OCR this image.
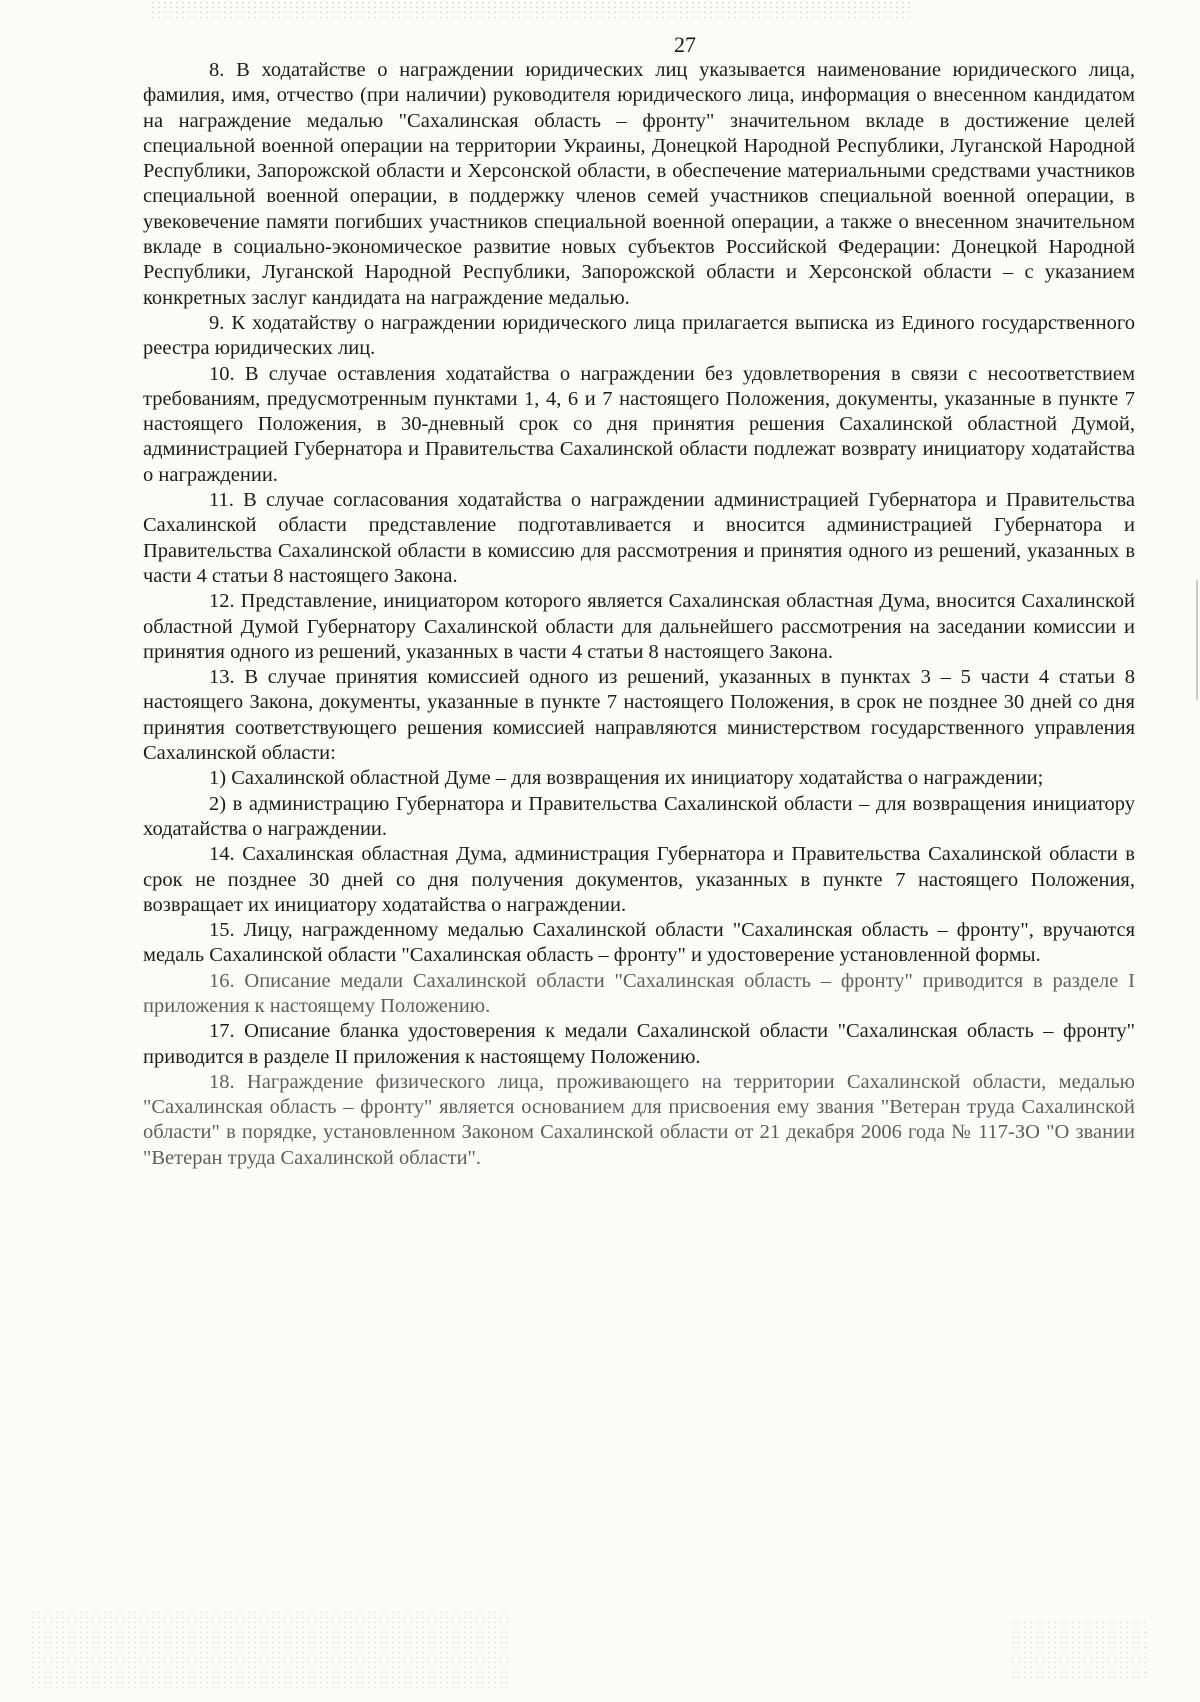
27

8. В ходатайстве о награждении юридических лиц указывается наименование юридического лица, фамилия, имя, отчество (при наличии) руководителя юридического лица, информация о внесенном кандидатом на награждение медалью "Сахалинская область – фронту" значительном вкладе в достижение целей специальной военной операции на территории Украины, Донецкой Народной Республики, Луганской Народной Республики, Запорожской области и Херсонской области, в обеспечение материальными средствами участников специальной военной операции, в поддержку членов семей участников специальной военной операции, в увековечение памяти погибших участников специальной военной операции, а также о внесенном значительном вкладе в социально-экономическое развитие новых субъектов Российской Федерации: Донецкой Народной Республики, Луганской Народной Республики, Запорожской области и Херсонской области – с указанием конкретных заслуг кандидата на награждение медалью.

9. К ходатайству о награждении юридического лица прилагается выписка из Единого государственного реестра юридических лиц.

10. В случае оставления ходатайства о награждении без удовлетворения в связи с несоответствием требованиям, предусмотренным пунктами 1, 4, 6 и 7 настоящего Положения, документы, указанные в пункте 7 настоящего Положения, в 30-дневный срок со дня принятия решения Сахалинской областной Думой, администрацией Губернатора и Правительства Сахалинской области подлежат возврату инициатору ходатайства о награждении.

11. В случае согласования ходатайства о награждении администрацией Губернатора и Правительства Сахалинской области представление подготавливается и вносится администрацией Губернатора и Правительства Сахалинской области в комиссию для рассмотрения и принятия одного из решений, указанных в части 4 статьи 8 настоящего Закона.

12. Представление, инициатором которого является Сахалинская областная Дума, вносится Сахалинской областной Думой Губернатору Сахалинской области для дальнейшего рассмотрения на заседании комиссии и принятия одного из решений, указанных в части 4 статьи 8 настоящего Закона.

13. В случае принятия комиссией одного из решений, указанных в пунктах 3 – 5 части 4 статьи 8 настоящего Закона, документы, указанные в пункте 7 настоящего Положения, в срок не позднее 30 дней со дня принятия соответствующего решения комиссией направляются министерством государственного управления Сахалинской области:

1) Сахалинской областной Думе – для возвращения их инициатору ходатайства о награждении;

2) в администрацию Губернатора и Правительства Сахалинской области – для возвращения инициатору ходатайства о награждении.

14. Сахалинская областная Дума, администрация Губернатора и Правительства Сахалинской области в срок не позднее 30 дней со дня получения документов, указанных в пункте 7 настоящего Положения, возвращает их инициатору ходатайства о награждении.

15. Лицу, награжденному медалью Сахалинской области "Сахалинская область – фронту", вручаются медаль Сахалинской области "Сахалинская область – фронту" и удостоверение установленной формы.

16. Описание медали Сахалинской области "Сахалинская область – фронту" приводится в разделе I приложения к настоящему Положению.

17. Описание бланка удостоверения к медали Сахалинской области "Сахалинская область – фронту" приводится в разделе II приложения к настоящему Положению.

18. Награждение физического лица, проживающего на территории Сахалинской области, медалью "Сахалинская область – фронту" является основанием для присвоения ему звания "Ветеран труда Сахалинской области" в порядке, установленном Законом Сахалинской области от 21 декабря 2006 года № 117-ЗО "О звании "Ветеран труда Сахалинской области".
